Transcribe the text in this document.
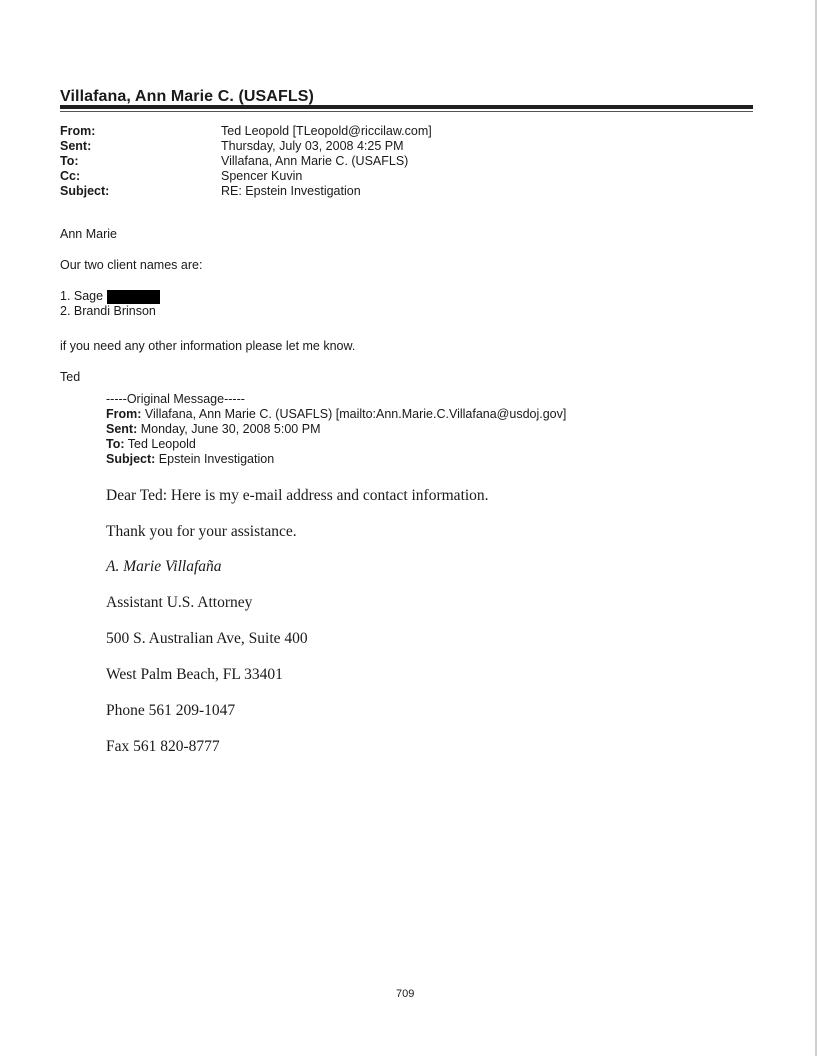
Villafana, Ann Marie C. (USAFLS)
From:	Ted Leopold [TLeopold@riccilaw.com]
Sent:	Thursday, July 03, 2008 4:25 PM
To:	Villafana, Ann Marie C. (USAFLS)
Cc:	Spencer Kuvin
Subject:	RE: Epstein Investigation
Ann Marie
Our two client names are:
1. Sage
2. Brandi Brinson
if you need any other information please let me know.
Ted
-----Original Message-----
From: Villafana, Ann Marie C. (USAFLS) [mailto:Ann.Marie.C.Villafana@usdoj.gov]
Sent: Monday, June 30, 2008 5:00 PM
To: Ted Leopold
Subject: Epstein Investigation
Dear Ted: Here is my e-mail address and contact information.
Thank you for your assistance.
A. Marie Villafaña
Assistant U.S. Attorney
500 S. Australian Ave, Suite 400
West Palm Beach, FL 33401
Phone 561 209-1047
Fax 561 820-8777
709
